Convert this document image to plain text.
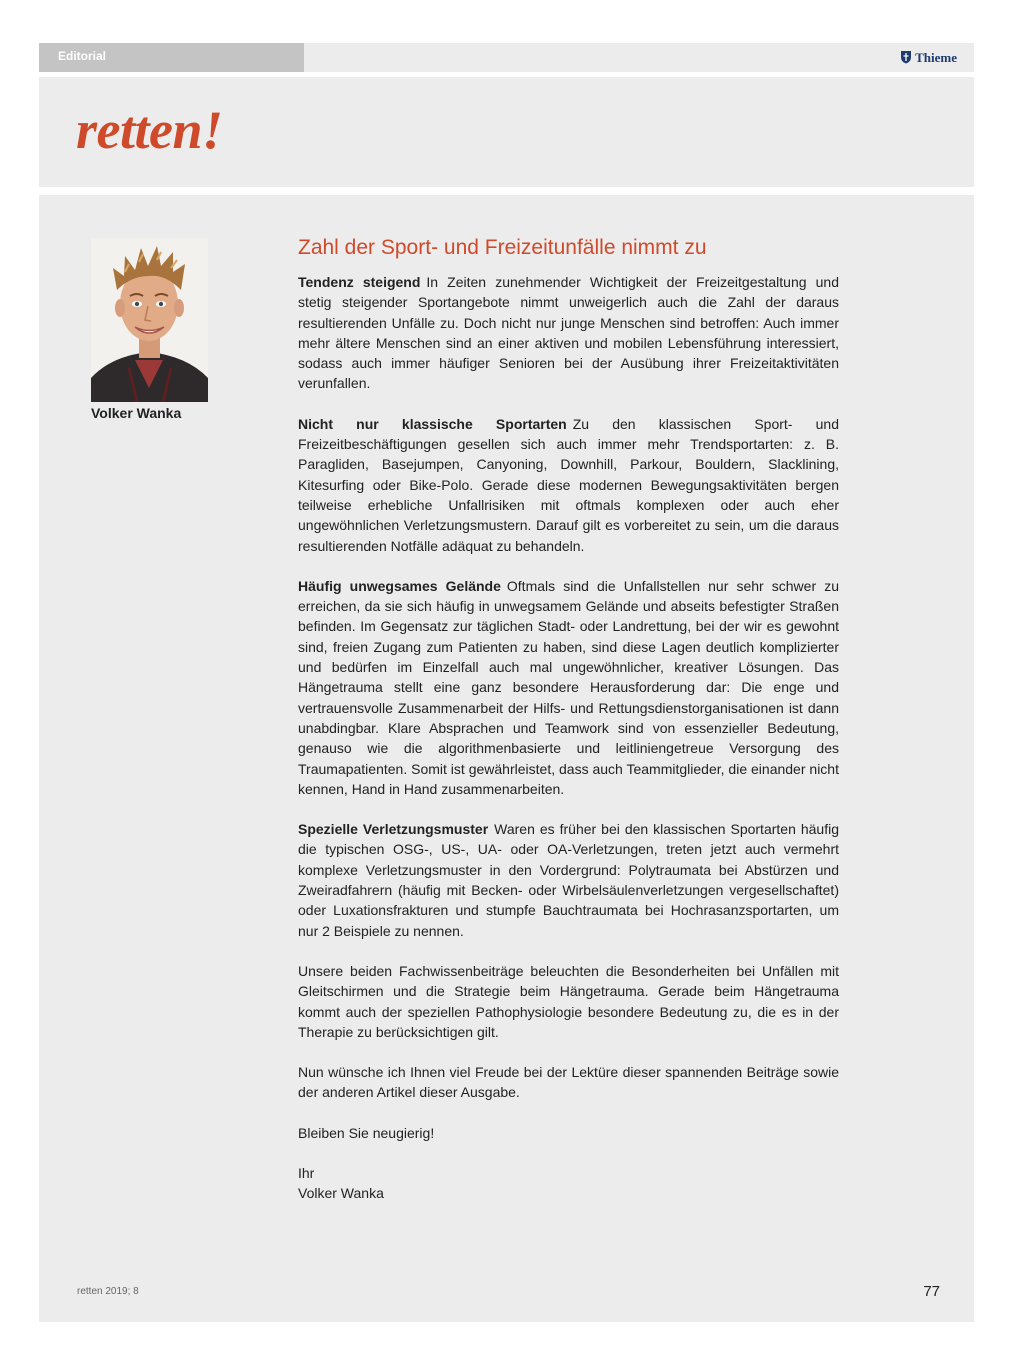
Editorial	Thieme
retten!
Volker Wanka
Zahl der Sport- und Freizeitunfälle nimmt zu

Tendenz steigend In Zeiten zunehmender Wichtigkeit der Freizeitgestaltung und stetig steigender Sportangebote nimmt unweigerlich auch die Zahl der daraus resultierenden Unfälle zu. Doch nicht nur junge Menschen sind betroffen: Auch immer mehr ältere Menschen sind an einer aktiven und mobilen Lebensführung interessiert, sodass auch immer häufiger Senioren bei der Ausübung ihrer Freizeitaktivitäten verunfallen.

Nicht nur klassische Sportarten Zu den klassischen Sport- und Freizeitbeschäftigungen gesellen sich auch immer mehr Trendsportarten: z. B. Paragliden, Basejumpen, Canyoning, Downhill, Parkour, Bouldern, Slacklining, Kitesurfing oder Bike-Polo. Gerade diese modernen Bewegungsaktivitäten bergen teilweise erhebliche Unfallrisiken mit oftmals komplexen oder auch eher ungewöhnlichen Verletzungsmustern. Darauf gilt es vorbereitet zu sein, um die daraus resultierenden Notfälle adäquat zu behandeln.

Häufig unwegsames Gelände Oftmals sind die Unfallstellen nur sehr schwer zu erreichen, da sie sich häufig in unwegsamem Gelände und abseits befestigter Straßen befinden. Im Gegensatz zur täglichen Stadt- oder Landrettung, bei der wir es gewohnt sind, freien Zugang zum Patienten zu haben, sind diese Lagen deutlich komplizierter und bedürfen im Einzelfall auch mal ungewöhnlicher, kreativer Lösungen. Das Hängetrauma stellt eine ganz besondere Herausforderung dar: Die enge und vertrauensvolle Zusammenarbeit der Hilfs- und Rettungsdienstorganisationen ist dann unabdingbar. Klare Absprachen und Teamwork sind von essenzieller Bedeutung, genauso wie die algorithmenbasierte und leitliniengetreue Versorgung des Traumapatienten. Somit ist gewährleistet, dass auch Teammitglieder, die einander nicht kennen, Hand in Hand zusammenarbeiten.

Spezielle Verletzungsmuster Waren es früher bei den klassischen Sportarten häufig die typischen OSG-, US-, UA- oder OA-Verletzungen, treten jetzt auch vermehrt komplexe Verletzungsmuster in den Vordergrund: Polytraumata bei Abstürzen und Zweiradfahrern (häufig mit Becken- oder Wirbelsäulenverletzungen vergesellschaftet) oder Luxationsfrakturen und stumpfe Bauchtraumata bei Hochrasanzsportarten, um nur 2 Beispiele zu nennen.

Unsere beiden Fachwissenbeiträge beleuchten die Besonderheiten bei Unfällen mit Gleitschirmen und die Strategie beim Hängetrauma. Gerade beim Hängetrauma kommt auch der speziellen Pathophysiologie besondere Bedeutung zu, die es in der Therapie zu berücksichtigen gilt.

Nun wünsche ich Ihnen viel Freude bei der Lektüre dieser spannenden Beiträge sowie der anderen Artikel dieser Ausgabe.

Bleiben Sie neugierig!

Ihr

Volker Wanka

retten 2019; 8	77
